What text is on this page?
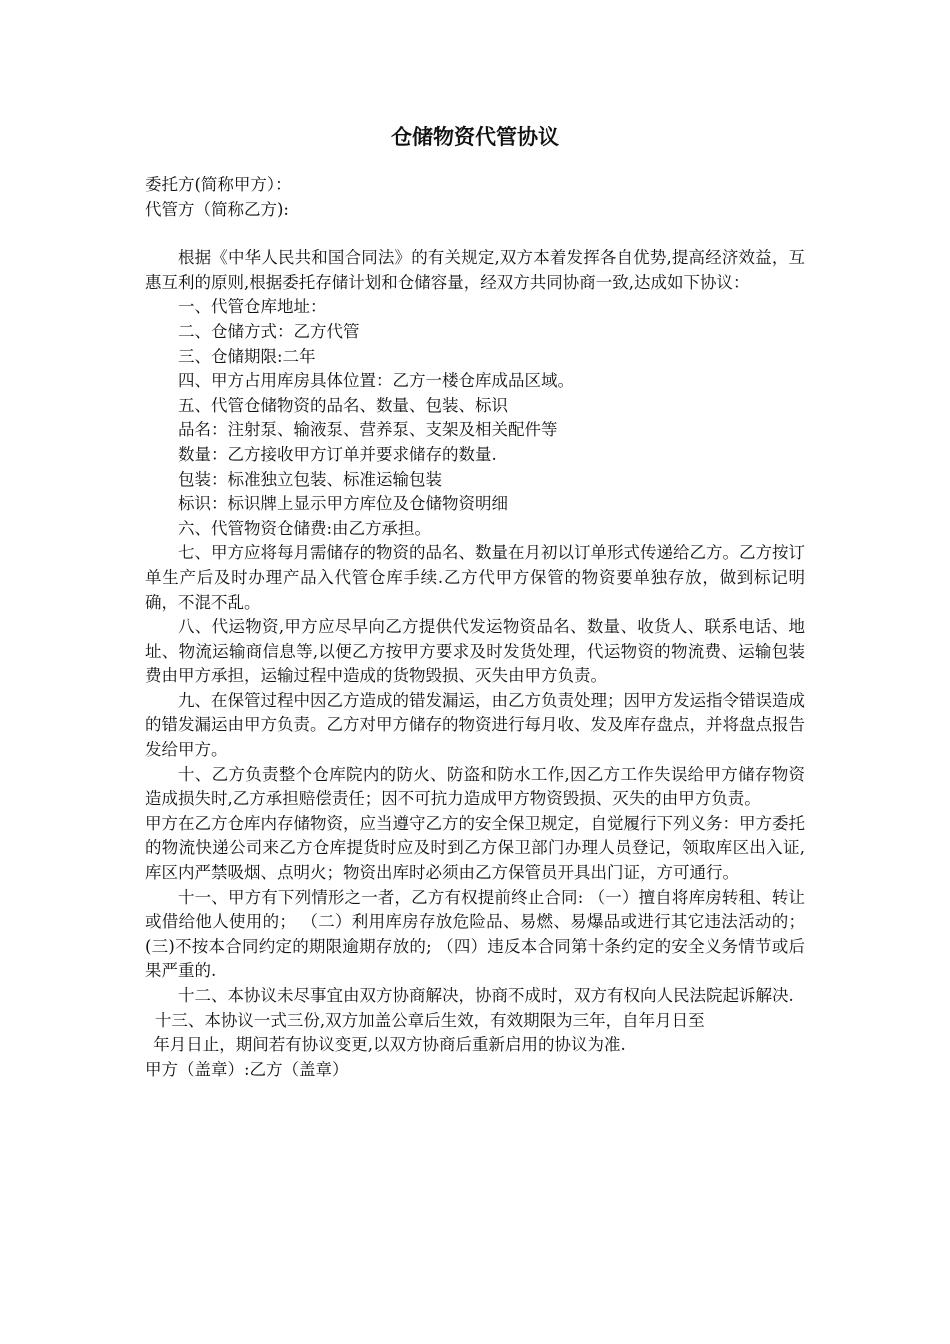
仓储物资代管协议

委托方(简称甲方）：

代管方（简称乙方):

根据《中华人民共和国合同法》的有关规定,双方本着发挥各自优势,提高经济效益，互惠互利的原则,根据委托存储计划和仓储容量，经双方共同协商一致,达成如下协议：

一、代管仓库地址：

二、仓储方式：乙方代管

三、仓储期限:二年

四、甲方占用库房具体位置：乙方一楼仓库成品区域。

五、代管仓储物资的品名、数量、包装、标识

品名：注射泵、输液泵、营养泵、支架及相关配件等

数量：乙方接收甲方订单并要求储存的数量.

包装：标准独立包装、标准运输包装

标识：标识牌上显示甲方库位及仓储物资明细

六、代管物资仓储费:由乙方承担。

七、甲方应将每月需储存的物资的品名、数量在月初以订单形式传递给乙方。乙方按订单生产后及时办理产品入代管仓库手续.乙方代甲方保管的物资要单独存放，做到标记明确，不混不乱。

八、代运物资,甲方应尽早向乙方提供代发运物资品名、数量、收货人、联系电话、地址、物流运输商信息等,以便乙方按甲方要求及时发货处理，代运物资的物流费、运输包装费由甲方承担，运输过程中造成的货物毁损、灭失由甲方负责。

九、在保管过程中因乙方造成的错发漏运，由乙方负责处理；因甲方发运指令错误造成的错发漏运由甲方负责。乙方对甲方储存的物资进行每月收、发及库存盘点，并将盘点报告发给甲方。

十、乙方负责整个仓库院内的防火、防盗和防水工作,因乙方工作失误给甲方储存物资造成损失时,乙方承担赔偿责任；因不可抗力造成甲方物资毁损、灭失的由甲方负责。

甲方在乙方仓库内存储物资，应当遵守乙方的安全保卫规定，自觉履行下列义务：甲方委托的物流快递公司来乙方仓库提货时应及时到乙方保卫部门办理人员登记，领取库区出入证,库区内严禁吸烟、点明火；物资出库时必须由乙方保管员开具出门证，方可通行。

十一、甲方有下列情形之一者，乙方有权提前终止合同: （一）擅自将库房转租、转让或借给他人使用的； （二）利用库房存放危险品、易燃、易爆品或进行其它违法活动的； (三)不按本合同约定的期限逾期存放的; （四）违反本合同第十条约定的安全义务情节或后果严重的.

十二、本协议未尽事宜由双方协商解决，协商不成时，双方有权向人民法院起诉解决.

十三、本协议一式三份,双方加盖公章后生效，有效期限为三年，自年月日至

年月日止，期间若有协议变更,以双方协商后重新启用的协议为准.

甲方（盖章）:乙方（盖章）
